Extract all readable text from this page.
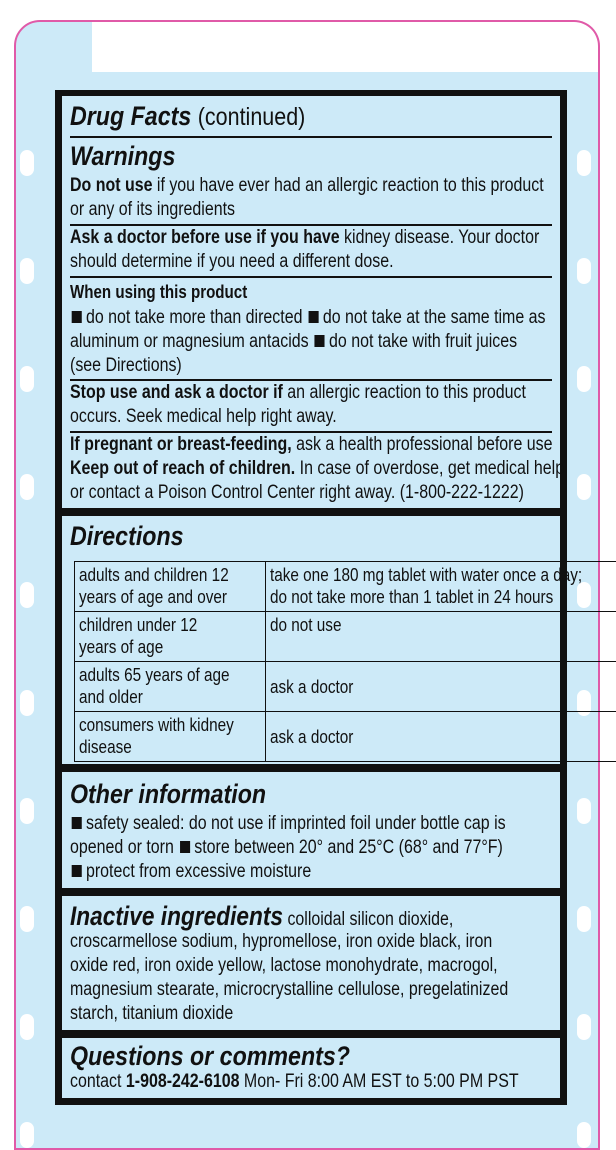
Drug Facts (continued)
Warnings
Do not use if you have ever had an allergic reaction to this product
or any of its ingredients
Ask a doctor before use if you have kidney disease. Your doctor
should determine if you need a different dose.
When using this product
do not take more than directed do not take at the same time as
aluminum or magnesium antacids do not take with fruit juices
(see Directions)
Stop use and ask a doctor if an allergic reaction to this product
occurs. Seek medical help right away.
If pregnant or breast-feeding, ask a health professional before use
Keep out of reach of children. In case of overdose, get medical help
or contact a Poison Control Center right away. (1-800-222-1222)
Directions
adults and children 12
years of age and over	take one 180 mg tablet with water once a day;
do not take more than 1 tablet in 24 hours
children under 12
years of age	do not use
adults 65 years of age
and older	ask a doctor
consumers with kidney
disease	ask a doctor
Other information
safety sealed: do not use if imprinted foil under bottle cap is
opened or torn store between 20° and 25°C (68° and 77°F)
protect from excessive moisture
Inactive ingredients colloidal silicon dioxide,
croscarmellose sodium, hypromellose, iron oxide black, iron
oxide red, iron oxide yellow, lactose monohydrate, macrogol,
magnesium stearate, microcrystalline cellulose, pregelatinized
starch, titanium dioxide
Questions or comments?
contact 1-908-242-6108 Mon- Fri 8:00 AM EST to 5:00 PM PST
